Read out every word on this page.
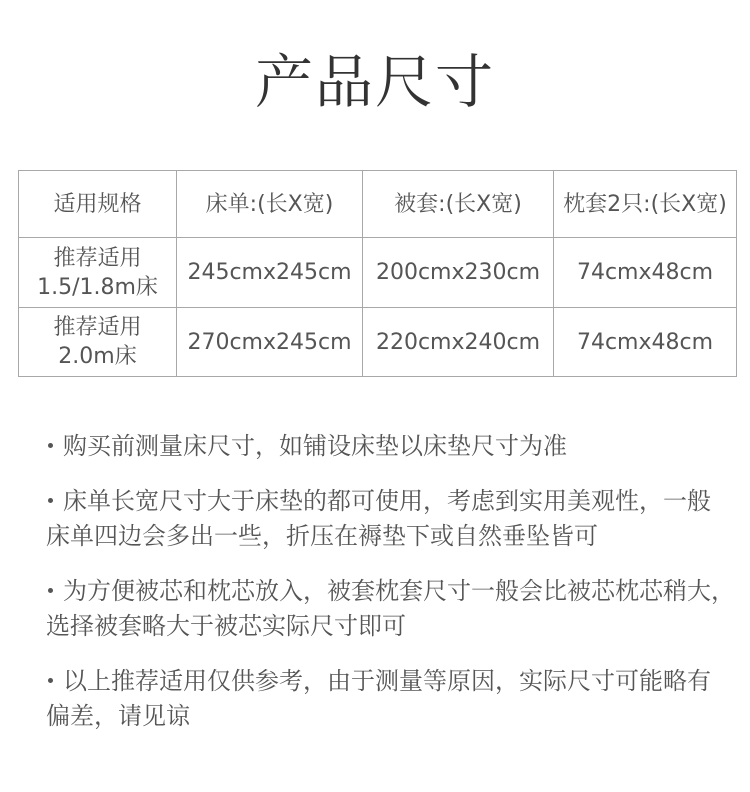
产品尺寸
适用规格	床单:(长X宽)	被套:(长X宽)	枕套2只:(长X宽)

推荐适用
1.5/1.8m床	245cmx245cm	200cmx230cm	74cmx48cm

推荐适用
2.0m床	270cmx245cm	220cmx240cm	74cmx48cm
购买前测量床尺寸，如铺设床垫以床垫尺寸为准
床单长宽尺寸大于床垫的都可使用，考虑到实用美观性，一般
床单四边会多出一些，折压在褥垫下或自然垂坠皆可
为方便被芯和枕芯放入，被套枕套尺寸一般会比被芯枕芯稍大，
选择被套略大于被芯实际尺寸即可
以上推荐适用仅供参考，由于测量等原因，实际尺寸可能略有
偏差，请见谅
